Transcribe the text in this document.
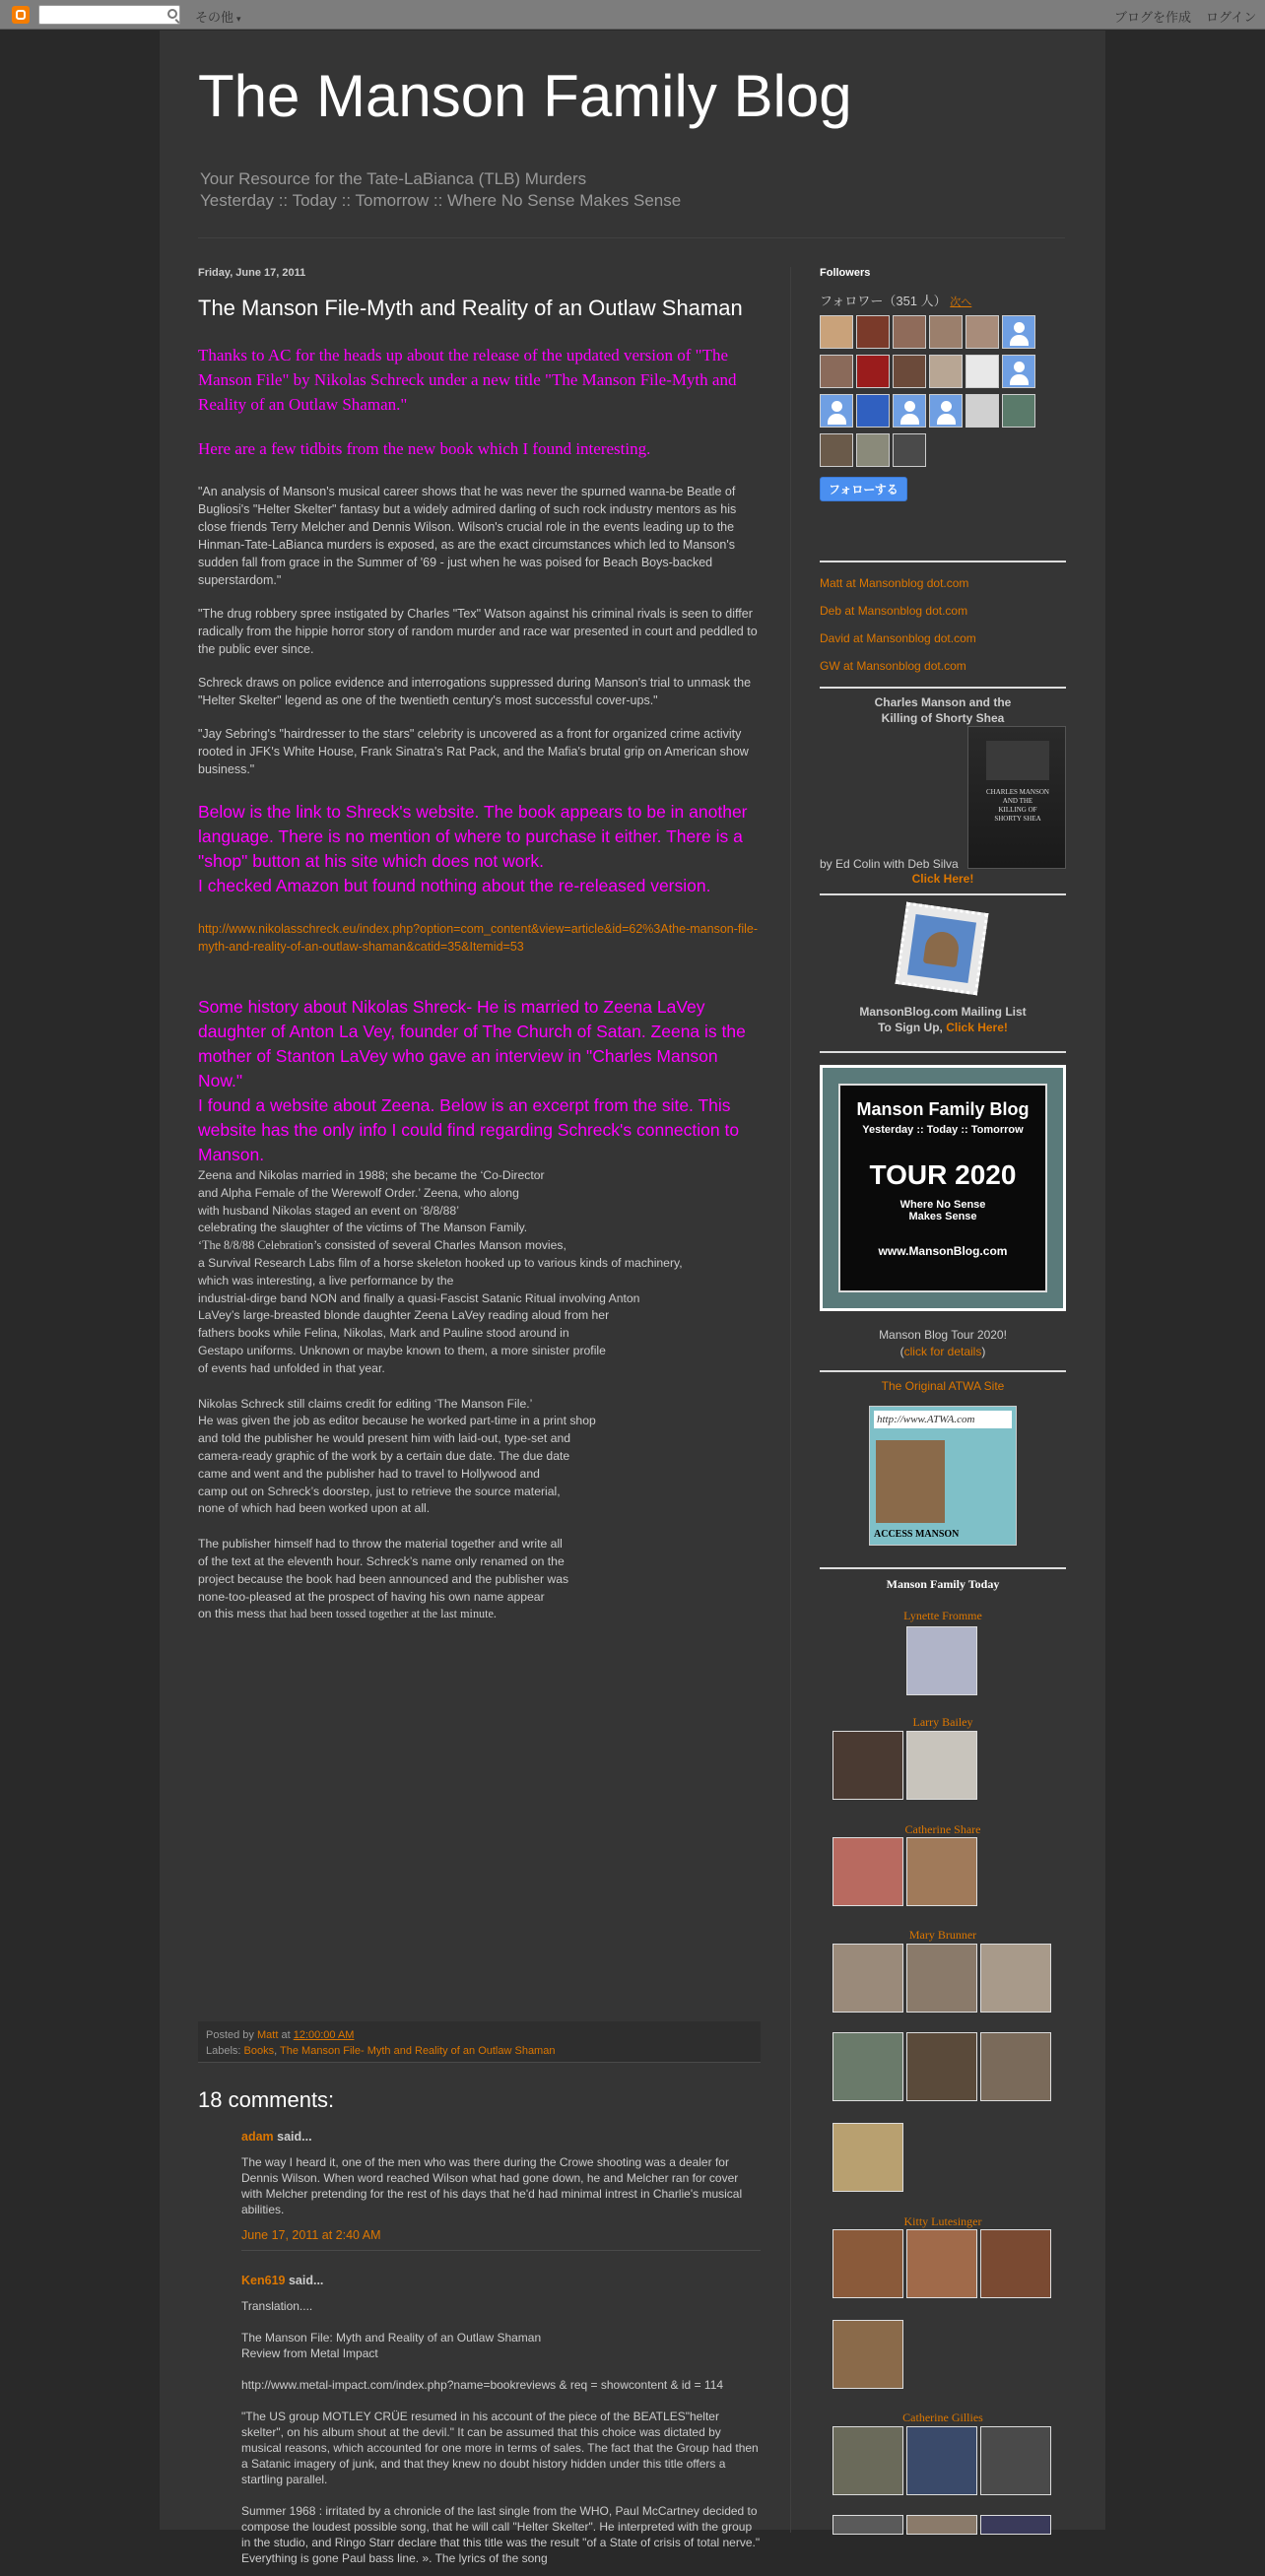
その他 ▾	ブログを作成 ログイン
The Manson Family Blog
Your Resource for the Tate-LaBianca (TLB) Murders
Yesterday :: Today :: Tomorrow :: Where No Sense Makes Sense
Friday, June 17, 2011
The Manson File-Myth and Reality of an Outlaw Shaman

Thanks to AC for the heads up about the release of the updated version of "The Manson File" by Nikolas Schreck under a new title "The Manson File-Myth and Reality of an Outlaw Shaman."

Here are a few tidbits from the new book which I found interesting.

"An analysis of Manson's musical career shows that he was never the spurned wanna-be Beatle of Bugliosi's "Helter Skelter" fantasy but a widely admired darling of such rock industry mentors as his close friends Terry Melcher and Dennis Wilson. Wilson's crucial role in the events leading up to the Hinman-Tate-LaBianca murders is exposed, as are the exact circumstances which led to Manson's sudden fall from grace in the Summer of '69 - just when he was poised for Beach Boys-backed superstardom."

"The drug robbery spree instigated by Charles "Tex" Watson against his criminal rivals is seen to differ radically from the hippie horror story of random murder and race war presented in court and peddled to the public ever since.

Schreck draws on police evidence and interrogations suppressed during Manson's trial to unmask the "Helter Skelter" legend as one of the twentieth century's most successful cover-ups."

"Jay Sebring's "hairdresser to the stars" celebrity is uncovered as a front for organized crime activity rooted in JFK's White House, Frank Sinatra's Rat Pack, and the Mafia's brutal grip on American show business."

Below is the link to Shreck's website. The book appears to be in another language. There is no mention of where to purchase it either. There is a "shop" button at his site which does not work.

I checked Amazon but found nothing about the re-released version.

http://www.nikolasschreck.eu/index.php?option=com_content&view=article&id=62%3Athe-manson-file-myth-and-reality-of-an-outlaw-shaman&catid=35&Itemid=53

Some history about Nikolas Shreck- He is married to Zeena LaVey daughter of Anton La Vey, founder of The Church of Satan. Zeena is the mother of Stanton LaVey who gave an interview in "Charles Manson Now."

I found a website about Zeena. Below is an excerpt from the site. This website has the only info I could find regarding Schreck's connection to Manson.

Zeena and Nikolas married in 1988; she became the ‘Co-Director
and Alpha Female of the Werewolf Order.’ Zeena, who along
with husband Nikolas staged an event on ‘8/8/88’
celebrating the slaughter of the victims of The Manson Family.
‘The 8/8/88 Celebration’s consisted of several Charles Manson movies,
a Survival Research Labs film of a horse skeleton hooked up to various kinds of machinery,
which was interesting, a live performance by the
industrial-dirge band NON and finally a quasi-Fascist Satanic Ritual involving Anton
LaVey’s large-breasted blonde daughter Zeena LaVey reading aloud from her
fathers books while Felina, Nikolas, Mark and Pauline stood around in
Gestapo uniforms. Unknown or maybe known to them, a more sinister profile
of events had unfolded in that year.
Nikolas Schreck still claims credit for editing ‘The Manson File.’
He was given the job as editor because he worked part-time in a print shop
and told the publisher he would present him with laid-out, type-set and
camera-ready graphic of the work by a certain due date. The due date
came and went and the publisher had to travel to Hollywood and
camp out on Schreck’s doorstep, just to retrieve the source material,
none of which had been worked upon at all.
The publisher himself had to throw the material together and write all
of the text at the eleventh hour. Schreck’s name only renamed on the
project because the book had been announced and the publisher was
none-too-pleased at the prospect of having his own name appear
on this mess that had been tossed together at the last minute.
Posted by Matt at 12:00:00 AM
Labels: Books, The Manson File- Myth and Reality of an Outlaw Shaman
18 comments:

adam said...

The way I heard it, one of the men who was there during the Crowe shooting was a dealer for Dennis Wilson. When word reached Wilson what had gone down, he and Melcher ran for cover with Melcher pretending for the rest of his days that he'd had minimal intrest in Charlie's musical abilities.

June 17, 2011 at 2:40 AM

Ken619 said...

Translation....

The Manson File: Myth and Reality of an Outlaw Shaman
Review from Metal Impact

http://www.metal-impact.com/index.php?name=bookreviews & req = showcontent & id = 114

"The US group MOTLEY CRÜE resumed in his account of the piece of the BEATLES"helter skelter", on his album shout at the devil." It can be assumed that this choice was dictated by musical reasons, which accounted for one more in terms of sales. The fact that the Group had then a Satanic imagery of junk, and that they knew no doubt history hidden under this title offers a startling parallel.

Summer 1968 : irritated by a chronicle of the last single from the WHO, Paul McCartney decided to compose the loudest possible song, that he will call "Helter Skelter". He interpreted with the group in the studio, and Ringo Starr declare that this title was the result "of a State of crisis of total nerve." Everything is gone Paul bass line. ». The lyrics of the song

Followers
フォロワー（351 人） 次へ

フォローする
Matt at Mansonblog dot.com
Deb at Mansonblog dot.com
David at Mansonblog dot.com
GW at Mansonblog dot.com
Charles Manson and the
Killing of Shorty Shea
CHARLES MANSON
AND THE
KILLING OF
SHORTY SHEA
by Ed Colin with Deb Silva
Click Here!
MansonBlog.com Mailing List
To Sign Up, Click Here!
Manson Family Blog
Yesterday :: Today :: Tomorrow
TOUR 2020
Where No Sense
Makes Sense
www.MansonBlog.com
Manson Blog Tour 2020!
(click for details)
The Original ATWA Site
http://www.ATWA.com
ACCESS MANSON
Manson Family Today
Lynette Fromme
Larry Bailey
Catherine Share
Mary Brunner
Kitty Lutesinger
Catherine Gillies
